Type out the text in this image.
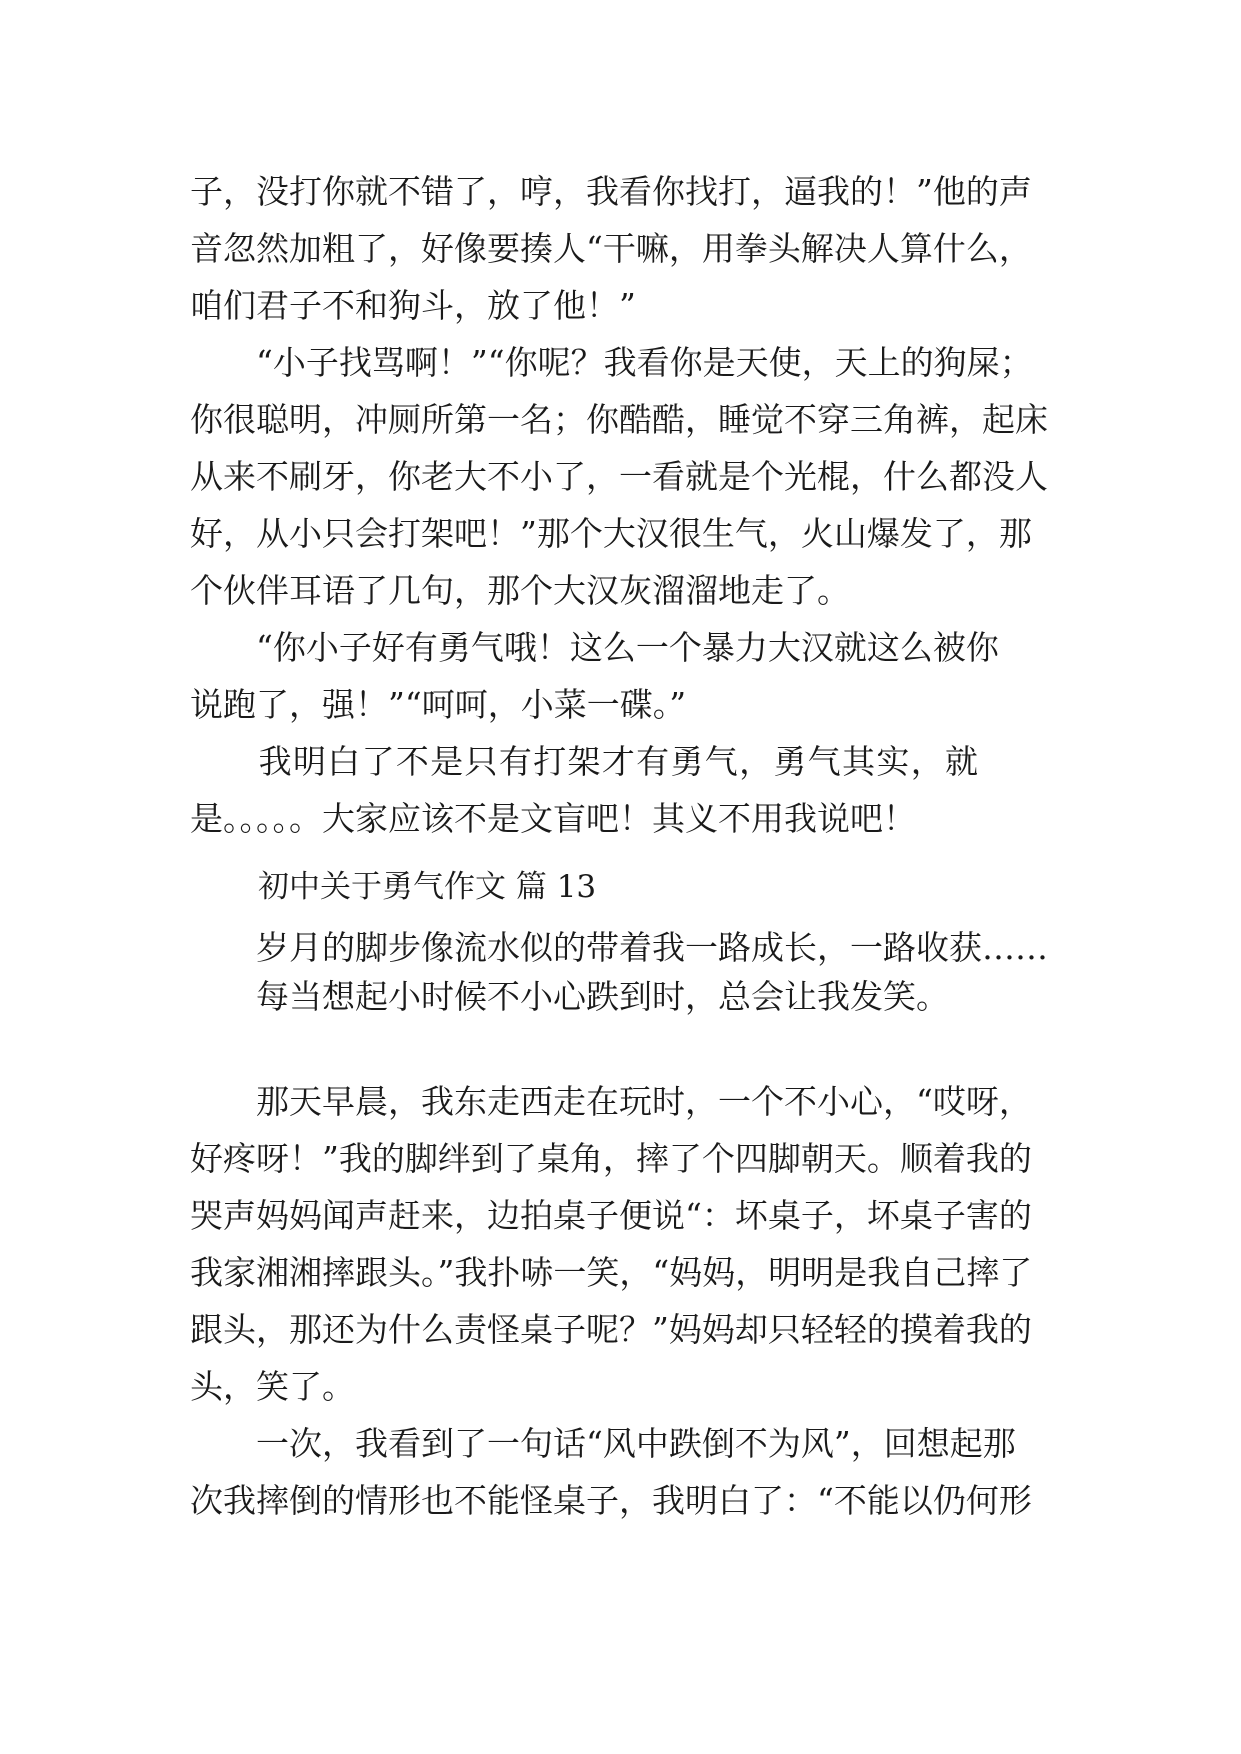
子，没打你就不错了，哼，我看你找打，逼我的！”他的声
音忽然加粗了，好像要揍人“干嘛，用拳头解决人算什么，
咱们君子不和狗斗，放了他！”
　　“小子找骂啊！”“你呢？我看你是天使，天上的狗屎；
你很聪明，冲厕所第一名；你酷酷，睡觉不穿三角裤，起床
从来不刷牙，你老大不小了，一看就是个光棍，什么都没人
好，从小只会打架吧！”那个大汉很生气，火山爆发了，那
个伙伴耳语了几句，那个大汉灰溜溜地走了。
　　“你小子好有勇气哦！这么一个暴力大汉就这么被你
说跑了，强！”“呵呵，小菜一碟。”
　　我明白了不是只有打架才有勇气，勇气其实，就
是。。。。。大家应该不是文盲吧！其义不用我说吧！
初中关于勇气作文 篇 13
　　岁月的脚步像流水似的带着我一路成长，一路收获……
　　每当想起小时候不小心跌到时，总会让我发笑。
　　那天早晨，我东走西走在玩时，一个不小心，“哎呀，
好疼呀！”我的脚绊到了桌角，摔了个四脚朝天。顺着我的
哭声妈妈闻声赶来，边拍桌子便说“：坏桌子，坏桌子害的
我家湘湘摔跟头。”我扑哧一笑，“妈妈，明明是我自己摔了
跟头，那还为什么责怪桌子呢？”妈妈却只轻轻的摸着我的
头，笑了。
　　一次，我看到了一句话“风中跌倒不为风”，回想起那
次我摔倒的情形也不能怪桌子，我明白了：“不能以仍何形
